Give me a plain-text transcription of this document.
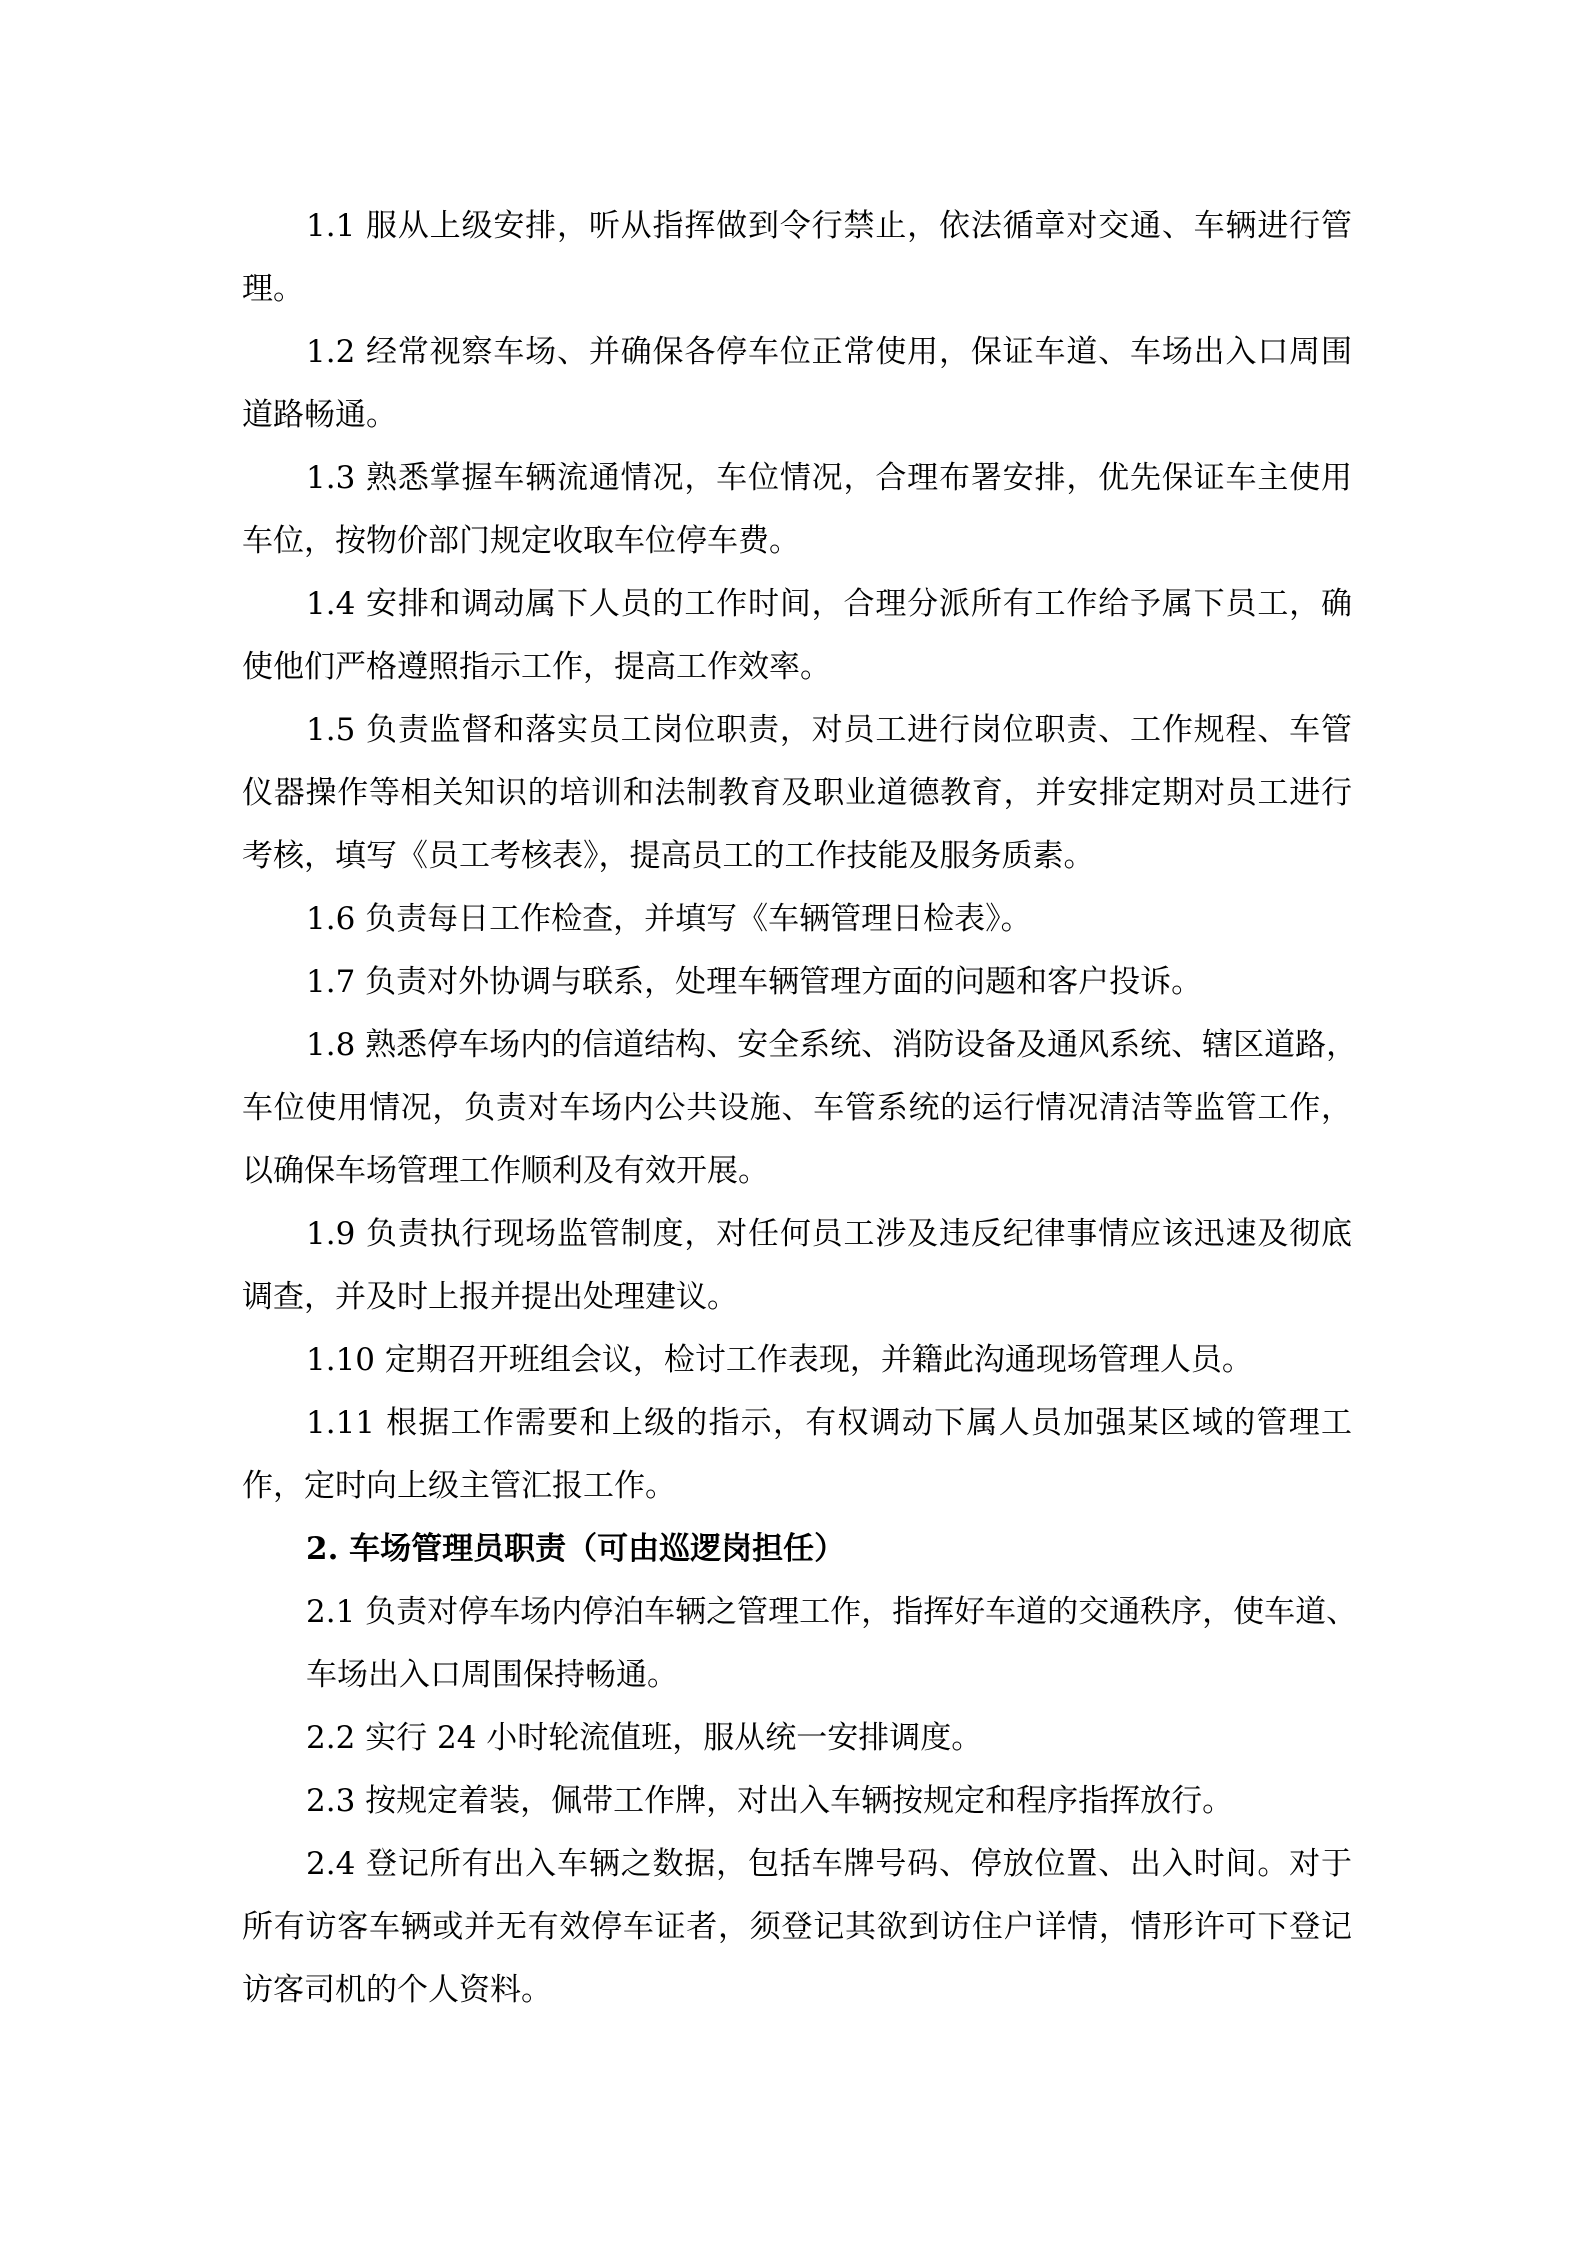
1.1 服从上级安排，听从指挥做到令行禁止，依法循章对交通、车辆进行管
理。
1.2 经常视察车场、并确保各停车位正常使用，保证车道、车场出入口周围
道路畅通。
1.3 熟悉掌握车辆流通情况，车位情况，合理布署安排，优先保证车主使用
车位，按物价部门规定收取车位停车费。
1.4 安排和调动属下人员的工作时间，合理分派所有工作给予属下员工，确
使他们严格遵照指示工作，提高工作效率。
1.5 负责监督和落实员工岗位职责，对员工进行岗位职责、工作规程、车管
仪器操作等相关知识的培训和法制教育及职业道德教育，并安排定期对员工进行
考核，填写《员工考核表》，提高员工的工作技能及服务质素。
1.6 负责每日工作检查，并填写《车辆管理日检表》。
1.7 负责对外协调与联系，处理车辆管理方面的问题和客户投诉。
1.8 熟悉停车场内的信道结构、安全系统、消防设备及通风系统、辖区道路，
车位使用情况，负责对车场内公共设施、车管系统的运行情况清洁等监管工作，
以确保车场管理工作顺利及有效开展。
1.9 负责执行现场监管制度，对任何员工涉及违反纪律事情应该迅速及彻底
调查，并及时上报并提出处理建议。
1.10 定期召开班组会议，检讨工作表现，并籍此沟通现场管理人员。
1.11 根据工作需要和上级的指示，有权调动下属人员加强某区域的管理工
作，定时向上级主管汇报工作。
2. 车场管理员职责（可由巡逻岗担任）
2.1 负责对停车场内停泊车辆之管理工作，指挥好车道的交通秩序，使车道、
车场出入口周围保持畅通。
2.2 实行 24 小时轮流值班，服从统一安排调度。
2.3 按规定着装，佩带工作牌，对出入车辆按规定和程序指挥放行。
2.4 登记所有出入车辆之数据，包括车牌号码、停放位置、出入时间。对于
所有访客车辆或并无有效停车证者，须登记其欲到访住户详情，情形许可下登记
访客司机的个人资料。
